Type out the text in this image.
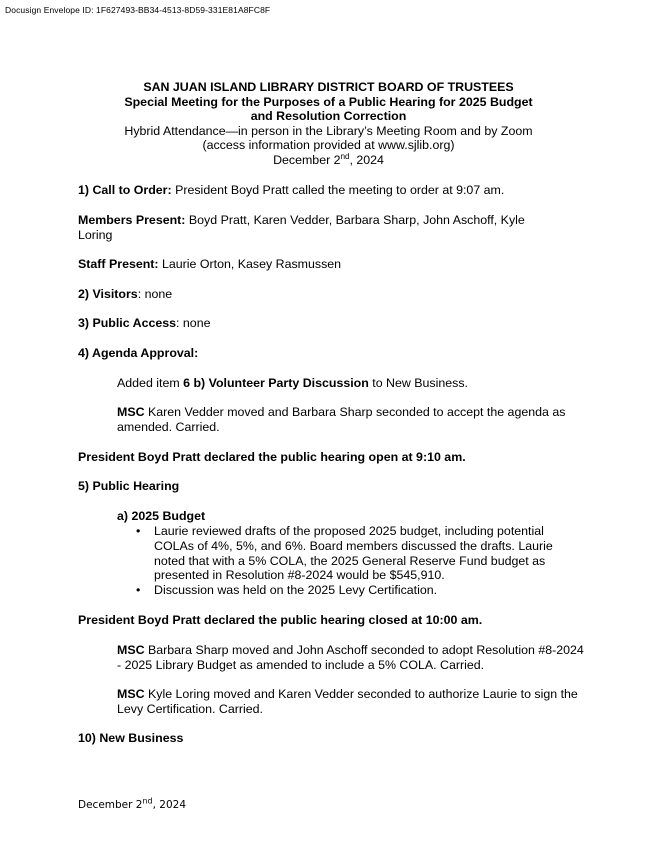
Docusign Envelope ID: 1F627493-BB34-4513-8D59-331E81A8FC8F
SAN JUAN ISLAND LIBRARY DISTRICT BOARD OF TRUSTEES
Special Meeting for the Purposes of a Public Hearing for 2025 Budget
and Resolution Correction
Hybrid Attendance—in person in the Library’s Meeting Room and by Zoom
(access information provided at www.sjlib.org)
December 2nd, 2024
1) Call to Order: President Boyd Pratt called the meeting to order at 9:07 am.
Members Present: Boyd Pratt, Karen Vedder, Barbara Sharp, John Aschoff, Kyle Loring
Staff Present: Laurie Orton, Kasey Rasmussen
2) Visitors: none
3) Public Access: none
4) Agenda Approval:
Added item 6 b) Volunteer Party Discussion to New Business.
MSC Karen Vedder moved and Barbara Sharp seconded to accept the agenda as amended. Carried.
President Boyd Pratt declared the public hearing open at 9:10 am.
5) Public Hearing
a) 2025 Budget
• Laurie reviewed drafts of the proposed 2025 budget, including potential COLAs of 4%, 5%, and 6%. Board members discussed the drafts. Laurie noted that with a 5% COLA, the 2025 General Reserve Fund budget as presented in Resolution #8-2024 would be $545,910.
• Discussion was held on the 2025 Levy Certification.
President Boyd Pratt declared the public hearing closed at 10:00 am.
MSC Barbara Sharp moved and John Aschoff seconded to adopt Resolution #8-2024 - 2025 Library Budget as amended to include a 5% COLA. Carried.
MSC Kyle Loring moved and Karen Vedder seconded to authorize Laurie to sign the Levy Certification. Carried.
10) New Business
December 2nd, 2024
